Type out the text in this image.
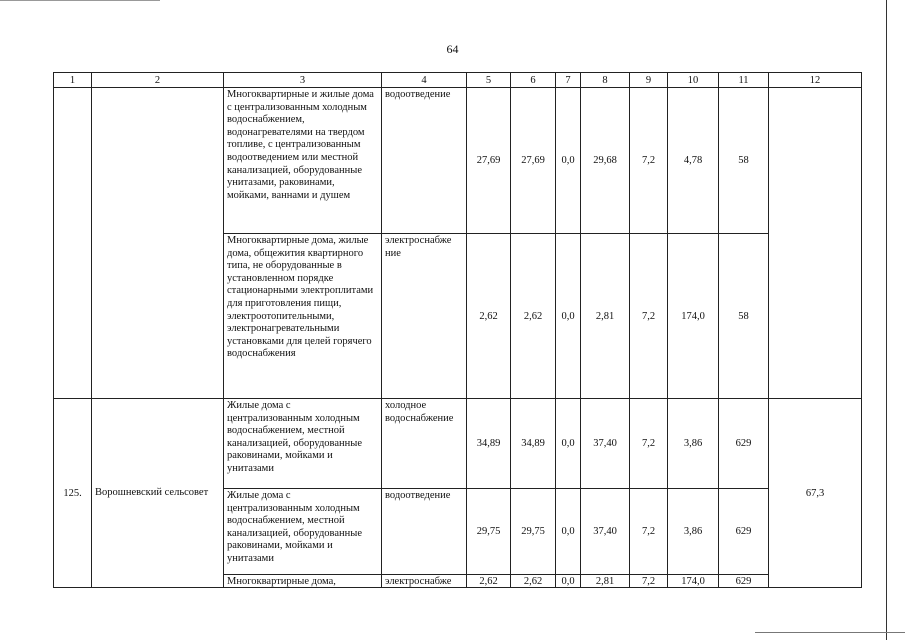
64
1	2	3	4	5	6	7	8	9	10	11	12
		Многоквартирные и жилые дома с централизованным холодным водоснабжением, водонагревателями на твердом топливе, с централизованным водоотведением или местной канализацией, оборудованные унитазами, раковинами, мойками, ваннами и душем	водоотведение	27,69	27,69	0,0	29,68	7,2	4,78	58	
		Многоквартирные дома, жилые дома, общежития квартирного типа, не оборудованные в установленном порядке стационарными электроплитами для приготовления пищи, электроотопительными, электронагревательными установками для целей горячего водоснабжения	электроснабже ние	2,62	2,62	0,0	2,81	7,2	174,0	58	
125.	Ворошневский сельсовет	Жилые дома с централизованным холодным водоснабжением, местной канализацией, оборудованные раковинами, мойками и унитазами	холодное водоснабжение	34,89	34,89	0,0	37,40	7,2	3,86	629	67,3
		Жилые дома с централизованным холодным водоснабжением, местной канализацией, оборудованные раковинами, мойками и унитазами	водоотведение	29,75	29,75	0,0	37,40	7,2	3,86	629	
		Многоквартирные дома,	электроснабже	2,62	2,62	0,0	2,81	7,2	174,0	629	
